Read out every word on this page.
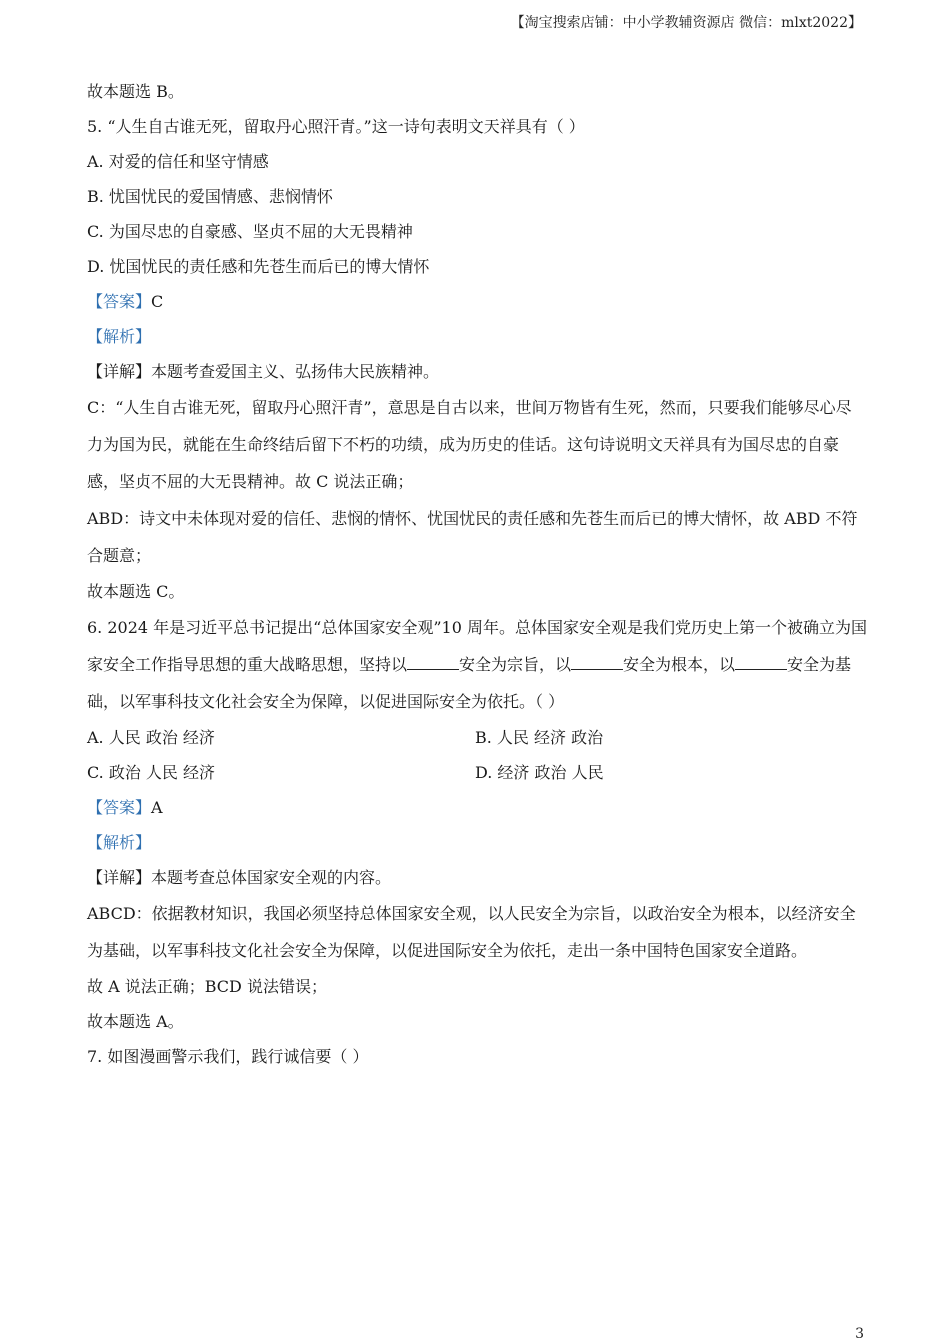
【淘宝搜索店铺：中小学教辅资源店 微信：mlxt2022】
故本题选 B。
5. “人生自古谁无死，留取丹心照汗青。”这一诗句表明文天祥具有（ ）
A. 对爱的信任和坚守情感
B. 忧国忧民的爱国情感、悲悯情怀
C. 为国尽忠的自豪感、坚贞不屈的大无畏精神
D. 忧国忧民的责任感和先苍生而后已的博大情怀
【答案】C
【解析】
【详解】本题考查爱国主义、弘扬伟大民族精神。
C：“人生自古谁无死，留取丹心照汗青”，意思是自古以来，世间万物皆有生死，然而，只要我们能够尽心尽力为国为民，就能在生命终结后留下不朽的功绩，成为历史的佳话。这句诗说明文天祥具有为国尽忠的自豪感，坚贞不屈的大无畏精神。故 C 说法正确；
ABD：诗文中未体现对爱的信任、悲悯的情怀、忧国忧民的责任感和先苍生而后已的博大情怀，故 ABD 不符合题意；
故本题选 C。
6. 2024 年是习近平总书记提出“总体国家安全观”10 周年。总体国家安全观是我们党历史上第一个被确立为国家安全工作指导思想的重大战略思想，坚持以	安全为宗旨，以	安全为根本，以	安全为基础，以军事科技文化社会安全为保障，以促进国际安全为依托。（ ）
A. 人民 政治 经济	B. 人民 经济 政治
C. 政治 人民 经济	D. 经济 政治 人民
【答案】A
【解析】
【详解】本题考查总体国家安全观的内容。
ABCD：依据教材知识，我国必须坚持总体国家安全观，以人民安全为宗旨，以政治安全为根本，以经济安全为基础，以军事科技文化社会安全为保障，以促进国际安全为依托，走出一条中国特色国家安全道路。
故 A 说法正确；BCD 说法错误；
故本题选 A。
7. 如图漫画警示我们，践行诚信要（ ）
3
